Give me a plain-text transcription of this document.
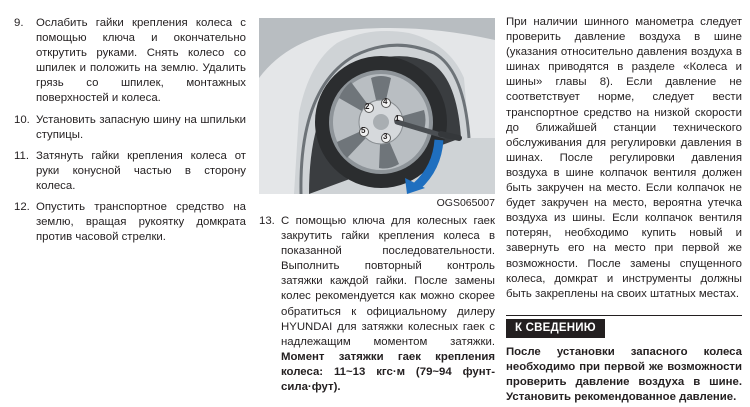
9. Ослабить гайки крепления колеса с помощью ключа и окончательно открутить руками. Снять колесо со шпилек и положить на землю. Удалить грязь со шпилек, монтажных поверхностей и колеса.
10. Установить запасную шину на шпильки ступицы.
11. Затянуть гайки крепления колеса от руки конусной частью в сторону колеса.
12. Опустить транспортное средство на землю, вращая рукоятку домкрата против часовой стрелки.
1
2
3
4
5
OGS065007
13. С помощью ключа для колесных гаек закрутить гайки крепления колеса в показанной последовательности. Выполнить повторный контроль затяжки каждой гайки. После замены колес рекомендуется как можно скорее обратиться к официальному дилеру HYUNDAI для затяжки колесных гаек с надлежащим моментом затяжки. Момент затяжки гаек крепления колеса: 11~13 кгс·м (79~94 фунт-сила·фут).

При наличии шинного манометра следует проверить давление воздуха в шине (указания относительно давления воздуха в шинах приводятся в разделе «Колеса и шины» главы 8). Если давление не соответствует норме, следует вести транспортное средство на низкой скорости до ближайшей станции технического обслуживания для регулировки давления в шинах. После регулировки давления воздуха в шине колпачок вентиля должен быть закручен на место. Если колпачок не будет закручен на место, вероятна утечка воздуха из шины. Если колпачок вентиля потерян, необходимо купить новый и завернуть его на место при первой же возможности. После замены спущенного колеса, домкрат и инструменты должны быть закреплены на своих штатных местах.

К СВЕДЕНИЮ

После установки запасного колеса необходимо при первой же возможности проверить давление воздуха в шине. Установить рекомендованное давление.
